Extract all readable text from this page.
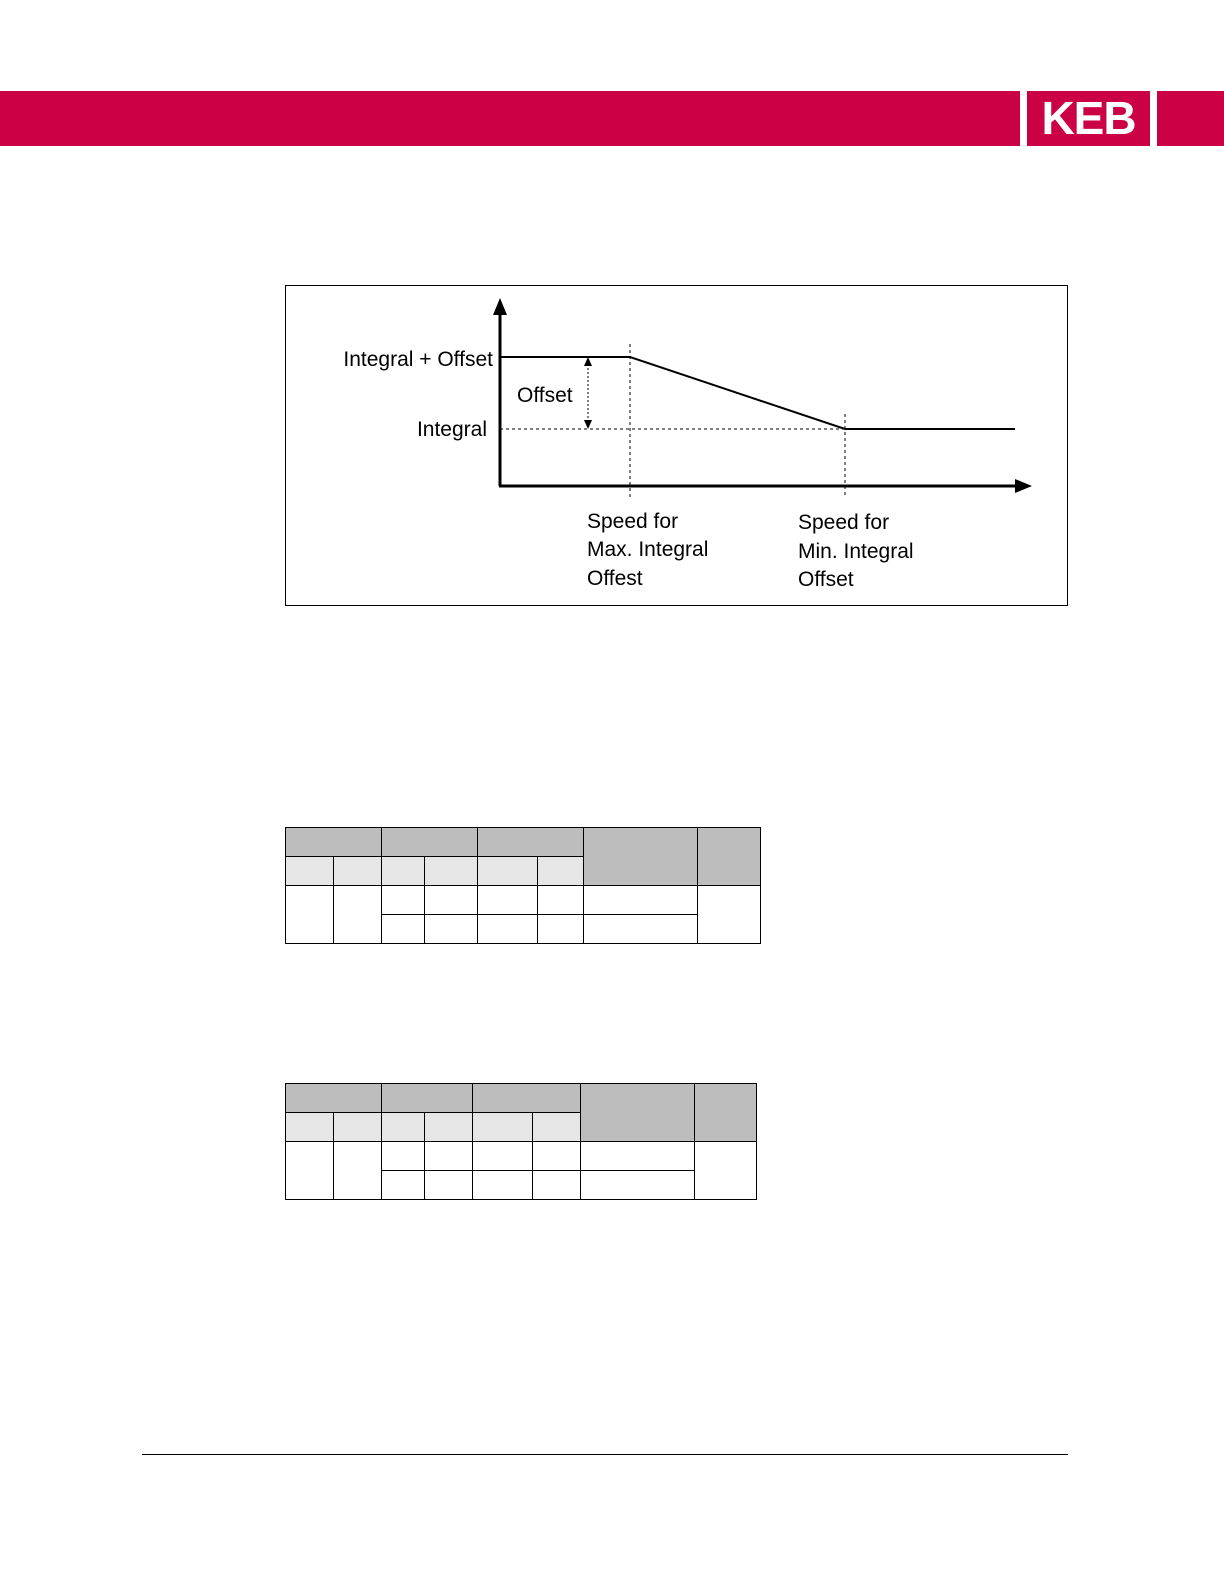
KEB
Integral + Offset
Offset
Integral
Speed for
Max. Integral
Offest
Speed for
Min. Integral
Offset
